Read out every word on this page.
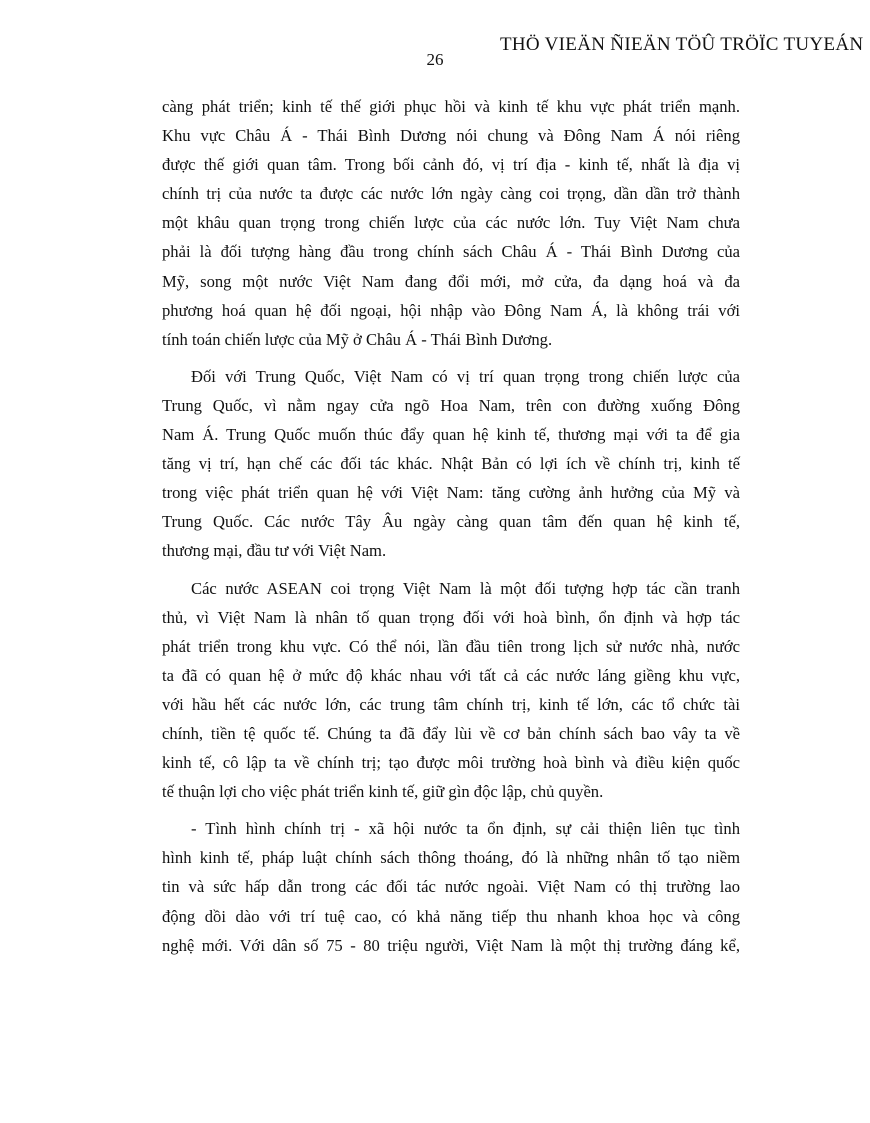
THÖ VIEÄN ÑIEÄN TÖÛ TRÖÏC TUYEÁN
26

càng phát triển; kinh tế thế giới phục hồi và kinh tế khu vực phát triển mạnh.
Khu vực Châu Á - Thái Bình Dương nói chung và Đông Nam Á nói riêng
được thế giới quan tâm. Trong bối cảnh đó, vị trí địa - kinh tế, nhất là địa vị
chính trị của nước ta được các nước lớn ngày càng coi trọng, dần dần trở thành
một khâu quan trọng trong chiến lược của các nước lớn. Tuy Việt Nam chưa
phải là đối tượng hàng đầu trong chính sách Châu Á - Thái Bình Dương của
Mỹ, song một nước Việt Nam đang đổi mới, mở cửa, đa dạng hoá và đa
phương hoá quan hệ đối ngoại, hội nhập vào Đông Nam Á, là không trái với
tính toán chiến lược của Mỹ ở Châu Á - Thái Bình Dương.

Đối với Trung Quốc, Việt Nam có vị trí quan trọng trong chiến lược của
Trung Quốc, vì nằm ngay cửa ngõ Hoa Nam, trên con đường xuống Đông
Nam Á. Trung Quốc muốn thúc đẩy quan hệ kinh tế, thương mại với ta để gia
tăng vị trí, hạn chế các đối tác khác. Nhật Bản có lợi ích về chính trị, kinh tế
trong việc phát triển quan hệ với Việt Nam: tăng cường ảnh hưởng của Mỹ và
Trung Quốc. Các nước Tây Âu ngày càng quan tâm đến quan hệ kinh tế,
thương mại, đầu tư với Việt Nam.

Các nước ASEAN coi trọng Việt Nam là một đối tượng hợp tác cần tranh
thủ, vì Việt Nam là nhân tố quan trọng đối với hoà bình, ổn định và hợp tác
phát triển trong khu vực. Có thể nói, lần đầu tiên trong lịch sử nước nhà, nước
ta đã có quan hệ ở mức độ khác nhau với tất cả các nước láng giềng khu vực,
với hầu hết các nước lớn, các trung tâm chính trị, kinh tế lớn, các tổ chức tài
chính, tiền tệ quốc tế. Chúng ta đã đẩy lùi về cơ bản chính sách bao vây ta về
kinh tế, cô lập ta về chính trị; tạo được môi trường hoà bình và điều kiện quốc
tế thuận lợi cho việc phát triển kinh tế, giữ gìn độc lập, chủ quyền.

- Tình hình chính trị - xã hội nước ta ổn định, sự cải thiện liên tục tình
hình kinh tế, pháp luật chính sách thông thoáng, đó là những nhân tố tạo niềm
tin và sức hấp dẫn trong các đối tác nước ngoài. Việt Nam có thị trường lao
động dồi dào với trí tuệ cao, có khả năng tiếp thu nhanh khoa học và công
nghệ mới. Với dân số 75 - 80 triệu người, Việt Nam là một thị trường đáng kể,
